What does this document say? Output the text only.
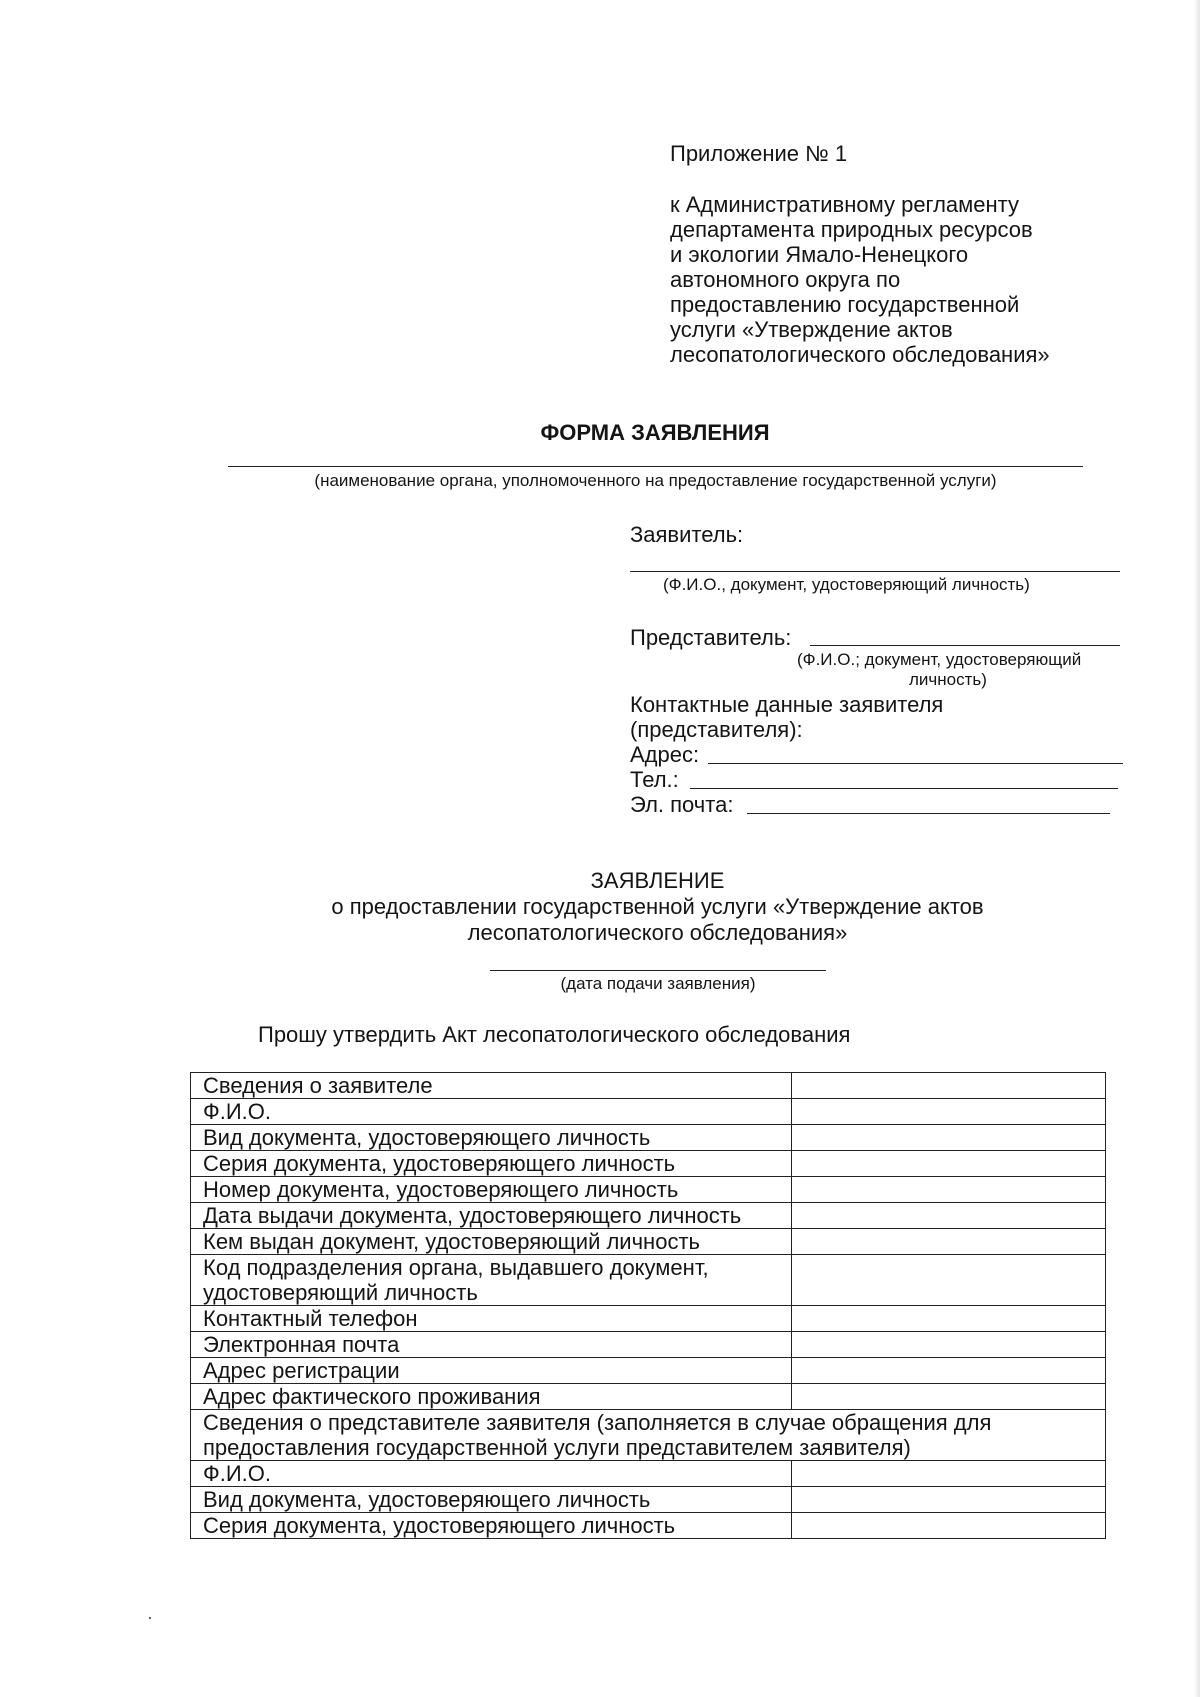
Приложение № 1
к Административному регламенту
департамента природных ресурсов
и экологии Ямало-Ненецкого
автономного округа по
предоставлению государственной
услуги «Утверждение актов
лесопатологического обследования»
ФОРМА ЗАЯВЛЕНИЯ
(наименование органа, уполномоченного на предоставление государственной услуги)
Заявитель:
(Ф.И.О., документ, удостоверяющий личность)
Представитель:
(Ф.И.О.; документ, удостоверяющий
личность)
Контактные данные заявителя
(представителя):
Адрес:
Тел.:
Эл. почта:
ЗАЯВЛЕНИЕ
о предоставлении государственной услуги «Утверждение актов
лесопатологического обследования»
(дата подачи заявления)
Прошу утвердить Акт лесопатологического обследования
Сведения о заявителе	
Ф.И.О.	
Вид документа, удостоверяющего личность	
Серия документа, удостоверяющего личность	
Номер документа, удостоверяющего личность	
Дата выдачи документа, удостоверяющего личность	
Кем выдан документ, удостоверяющий личность	
Код подразделения органа, выдавшего документ, удостоверяющий личность	
Контактный телефон	
Электронная почта	
Адрес регистрации	
Адрес фактического проживания	
Сведения о представителе заявителя (заполняется в случае обращения для предоставления государственной услуги представителем заявителя)	
Ф.И.О.	
Вид документа, удостоверяющего личность	
Серия документа, удостоверяющего личность	
